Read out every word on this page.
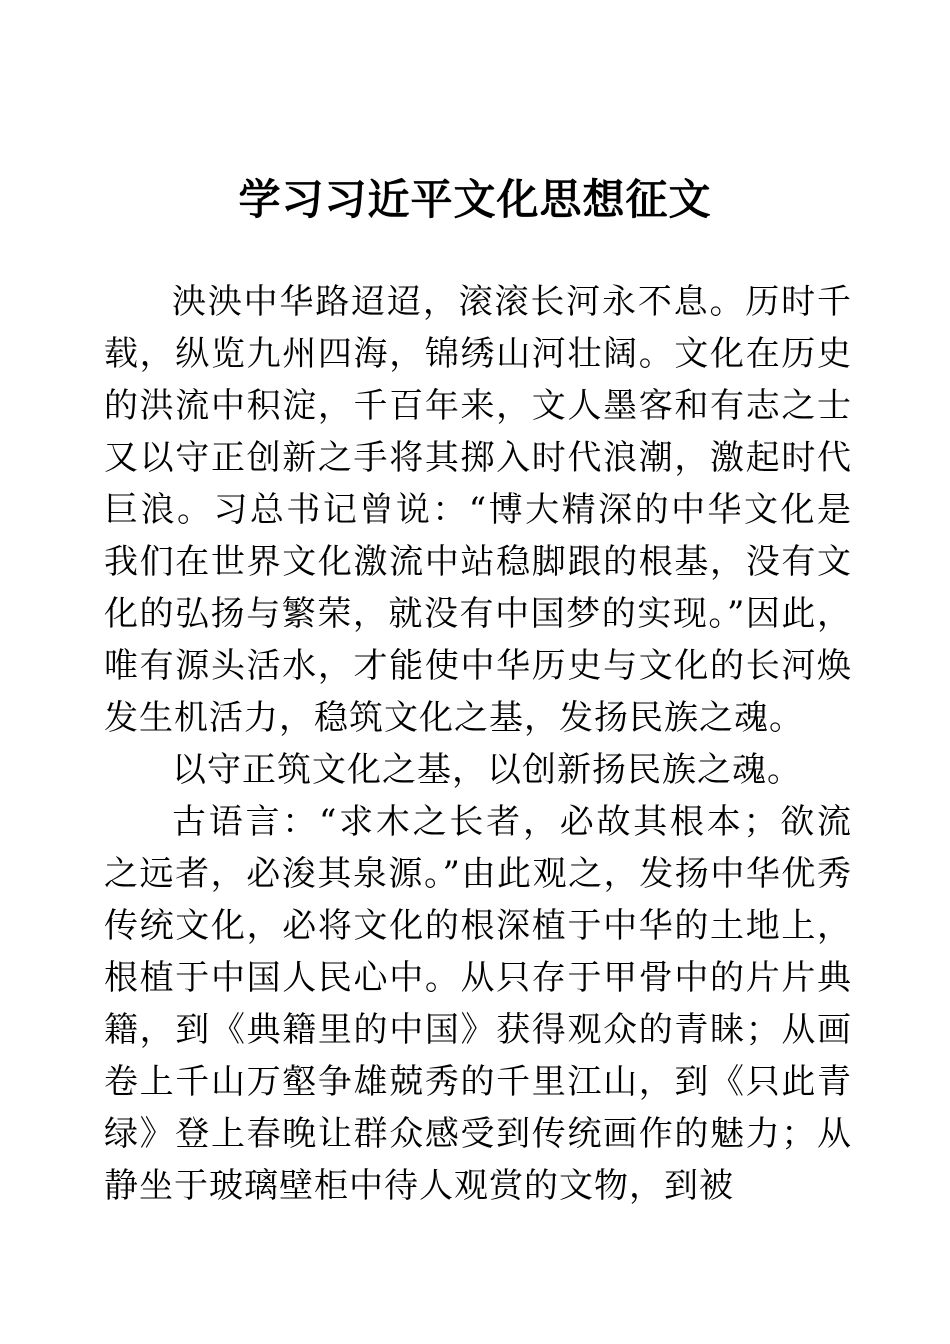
学习习近平文化思想征文

泱泱中华路迢迢，滚滚长河永不息。历时千载，纵览九州四海，锦绣山河壮阔。文化在历史的洪流中积淀，千百年来，文人墨客和有志之士又以守正创新之手将其掷入时代浪潮，激起时代巨浪。习总书记曾说：“博大精深的中华文化是我们在世界文化激流中站稳脚跟的根基，没有文化的弘扬与繁荣，就没有中国梦的实现。”因此，唯有源头活水，才能使中华历史与文化的长河焕发生机活力，稳筑文化之基，发扬民族之魂。

以守正筑文化之基，以创新扬民族之魂。

古语言：“求木之长者，必故其根本；欲流之远者，必浚其泉源。”由此观之，发扬中华优秀传统文化，必将文化的根深植于中华的土地上，根植于中国人民心中。从只存于甲骨中的片片典籍，到《典籍里的中国》获得观众的青睐；从画卷上千山万壑争雄兢秀的千里江山，到《只此青绿》登上春晚让群众感受到传统画作的魅力；从静坐于玻璃壁柜中待人观赏的文物，到被
